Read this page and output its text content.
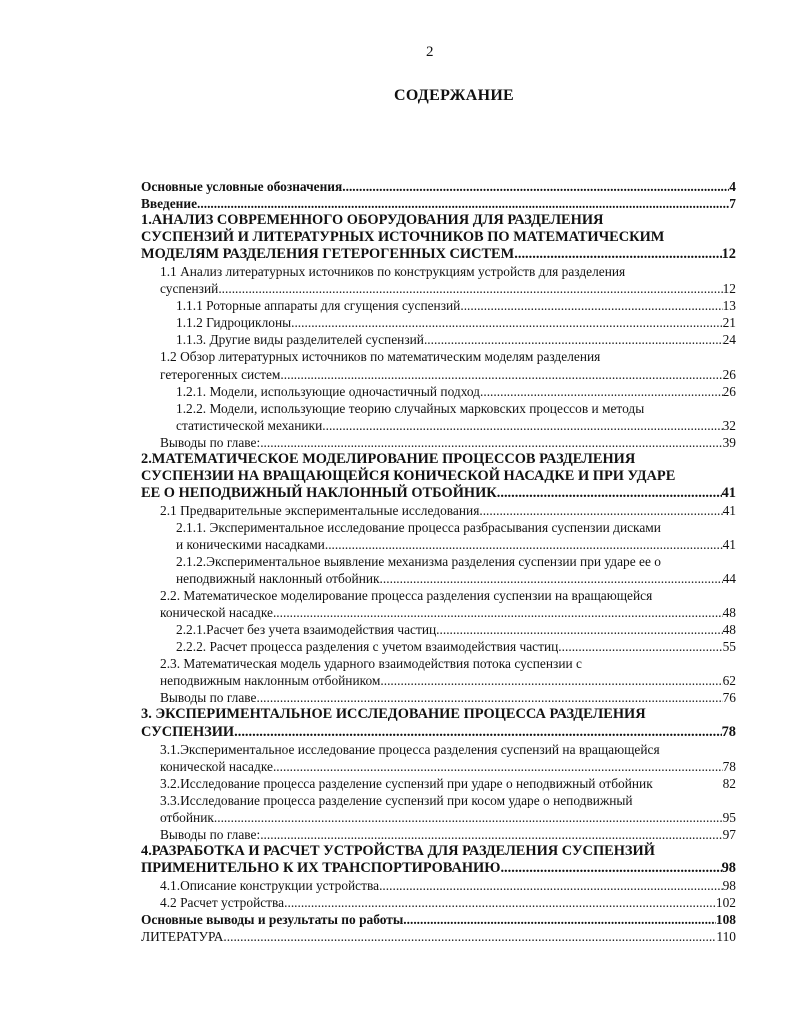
2
СОДЕРЖАНИЕ
Основные условные обозначения .....	4
Введение .....	7
1.АНАЛИЗ СОВРЕМЕННОГО ОБОРУДОВАНИЯ ДЛЯ РАЗДЕЛЕНИЯ
СУСПЕНЗИЙ И ЛИТЕРАТУРНЫХ ИСТОЧНИКОВ ПО МАТЕМАТИЧЕСКИМ
МОДЕЛЯМ РАЗДЕЛЕНИЯ ГЕТЕРОГЕННЫХ СИСТЕМ .....	12
1.1 Анализ литературных источников по конструкциям устройств для разделения
суспензий .....	12
1.1.1 Роторные аппараты для сгущения суспензий .....	13
1.1.2 Гидроциклоны .....	21
1.1.3. Другие виды разделителей суспензий .....	24
1.2 Обзор литературных источников по математическим моделям разделения
гетерогенных систем .....	26
1.2.1. Модели, использующие одночастичный подход .....	26
1.2.2. Модели, использующие теорию случайных марковских процессов и методы
статистической механики. .....	32
Выводы по главе: .....	39
2.МАТЕМАТИЧЕСКОЕ МОДЕЛИРОВАНИЕ ПРОЦЕССОВ РАЗДЕЛЕНИЯ
СУСПЕНЗИИ НА ВРАЩАЮЩЕЙСЯ КОНИЧЕСКОЙ НАСАДКЕ И ПРИ УДАРЕ
ЕЕ О НЕПОДВИЖНЫЙ НАКЛОННЫЙ ОТБОЙНИК .....	41
2.1 Предварительные экспериментальные исследования .....	41
2.1.1. Экспериментальное исследование процесса разбрасывания суспензии дисками
и коническими насадками .....	41
2.1.2.Экспериментальное выявление механизма разделения суспензии при ударе ее о
неподвижный наклонный отбойник .....	44
2.2. Математическое моделирование процесса разделения суспензии на вращающейся
конической насадке .....	48
2.2.1.Расчет без учета взаимодействия частиц .....	48
2.2.2. Расчет процесса разделения с учетом взаимодействия частиц .....	55
2.3. Математическая модель ударного взаимодействия потока суспензии с
неподвижным наклонным отбойником .....	62
Выводы по главе .....	76
3. ЭКСПЕРИМЕНТАЛЬНОЕ ИССЛЕДОВАНИЕ ПРОЦЕССА РАЗДЕЛЕНИЯ
СУСПЕНЗИИ .....	78
3.1.Экспериментальное исследование процесса разделения суспензий на вращающейся
конической насадке .....	78
3.2.Исследование процесса разделение суспензий при ударе о неподвижный отбойник	82
3.3.Исследование процесса разделение суспензий при косом ударе о неподвижный
отбойник .....	95
Выводы по главе: .....	97
4.РАЗРАБОТКА И РАСЧЕТ УСТРОЙСТВА ДЛЯ РАЗДЕЛЕНИЯ СУСПЕНЗИЙ
ПРИМЕНИТЕЛЬНО К ИХ ТРАНСПОРТИРОВАНИЮ .....	98
4.1.Описание конструкции устройства .....	98
4.2 Расчет устройства .....	102
Основные выводы и результаты по работы .....	108
ЛИТЕРАТУРА .....	110
